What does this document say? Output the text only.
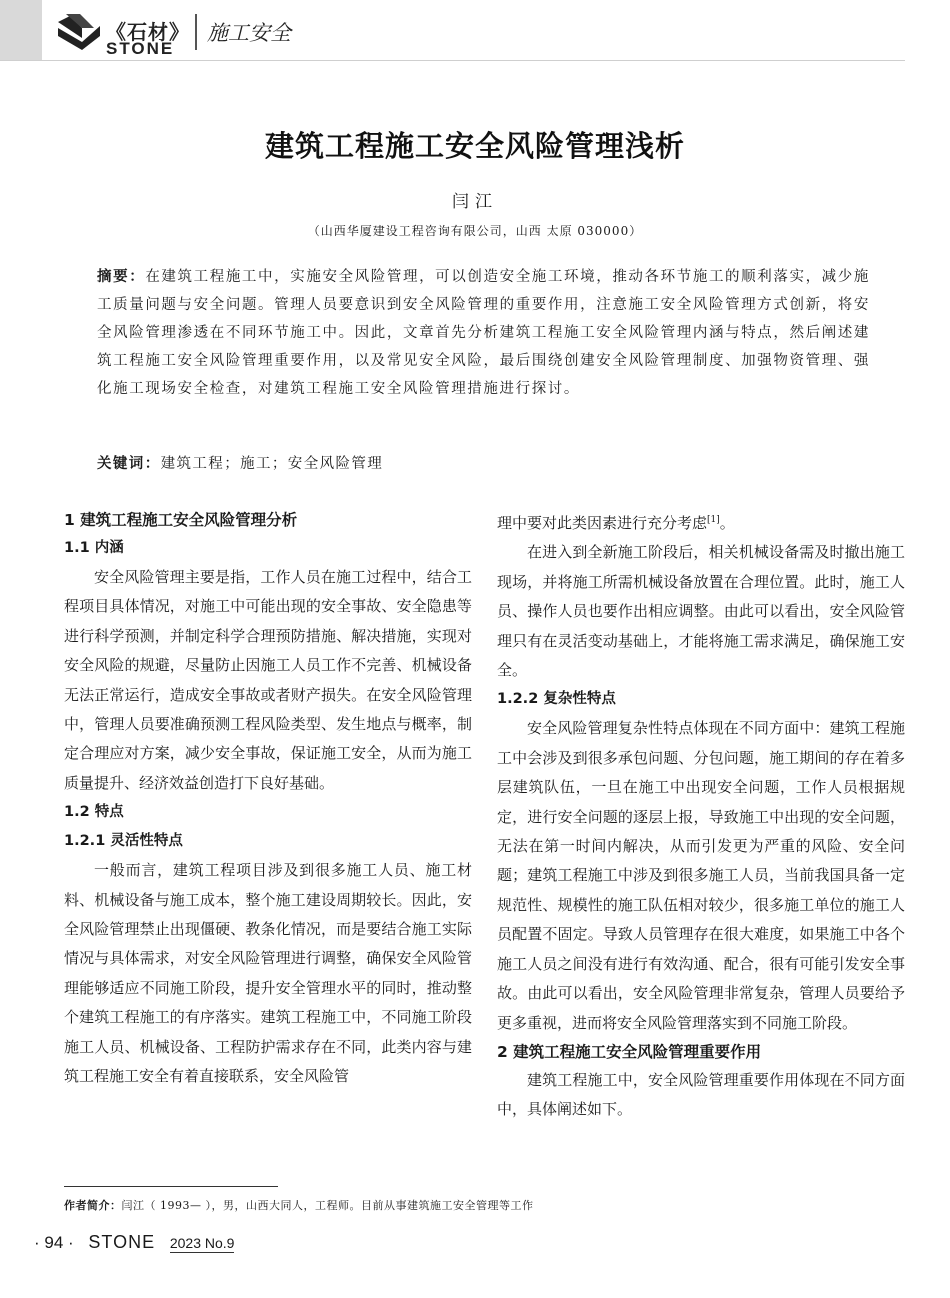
《石材》
STONE
施工安全
建筑工程施工安全风险管理浅析
闫江
（山西华厦建设工程咨询有限公司，山西 太原 030000）
摘要：在建筑工程施工中，实施安全风险管理，可以创造安全施工环境，推动各环节施工的顺利落实，减少施工质量问题与安全问题。管理人员要意识到安全风险管理的重要作用，注意施工安全风险管理方式创新，将安全风险管理渗透在不同环节施工中。因此，文章首先分析建筑工程施工安全风险管理内涵与特点，然后阐述建筑工程施工安全风险管理重要作用，以及常见安全风险，最后围绕创建安全风险管理制度、加强物资管理、强化施工现场安全检查，对建筑工程施工安全风险管理措施进行探讨。
关键词：建筑工程；施工；安全风险管理

1 建筑工程施工安全风险管理分析

1.1 内涵

安全风险管理主要是指，工作人员在施工过程中，结合工程项目具体情况，对施工中可能出现的安全事故、安全隐患等进行科学预测，并制定科学合理预防措施、解决措施，实现对安全风险的规避，尽量防止因施工人员工作不完善、机械设备无法正常运行，造成安全事故或者财产损失。在安全风险管理中，管理人员要准确预测工程风险类型、发生地点与概率，制定合理应对方案，减少安全事故，保证施工安全，从而为施工质量提升、经济效益创造打下良好基础。

1.2 特点

1.2.1 灵活性特点

一般而言，建筑工程项目涉及到很多施工人员、施工材料、机械设备与施工成本，整个施工建设周期较长。因此，安全风险管理禁止出现僵硬、教条化情况，而是要结合施工实际情况与具体需求，对安全风险管理进行调整，确保安全风险管理能够适应不同施工阶段，提升安全管理水平的同时，推动整个建筑工程施工的有序落实。建筑工程施工中，不同施工阶段施工人员、机械设备、工程防护需求存在不同，此类内容与建筑工程施工安全有着直接联系，安全风险管

理中要对此类因素进行充分考虑[1]。

在进入到全新施工阶段后，相关机械设备需及时撤出施工现场，并将施工所需机械设备放置在合理位置。此时，施工人员、操作人员也要作出相应调整。由此可以看出，安全风险管理只有在灵活变动基础上，才能将施工需求满足，确保施工安全。

1.2.2 复杂性特点

安全风险管理复杂性特点体现在不同方面中：建筑工程施工中会涉及到很多承包问题、分包问题，施工期间的存在着多层建筑队伍，一旦在施工中出现安全问题，工作人员根据规定，进行安全问题的逐层上报，导致施工中出现的安全问题，无法在第一时间内解决，从而引发更为严重的风险、安全问题；建筑工程施工中涉及到很多施工人员，当前我国具备一定规范性、规模性的施工队伍相对较少，很多施工单位的施工人员配置不固定。导致人员管理存在很大难度，如果施工中各个施工人员之间没有进行有效沟通、配合，很有可能引发安全事故。由此可以看出，安全风险管理非常复杂，管理人员要给予更多重视，进而将安全风险管理落实到不同施工阶段。

2 建筑工程施工安全风险管理重要作用

建筑工程施工中，安全风险管理重要作用体现在不同方面中，具体阐述如下。

作者简介：闫江（ 1993— ），男，山西大同人，工程师。目前从事建筑施工安全管理等工作
· 94 · STONE 2023 No.9
